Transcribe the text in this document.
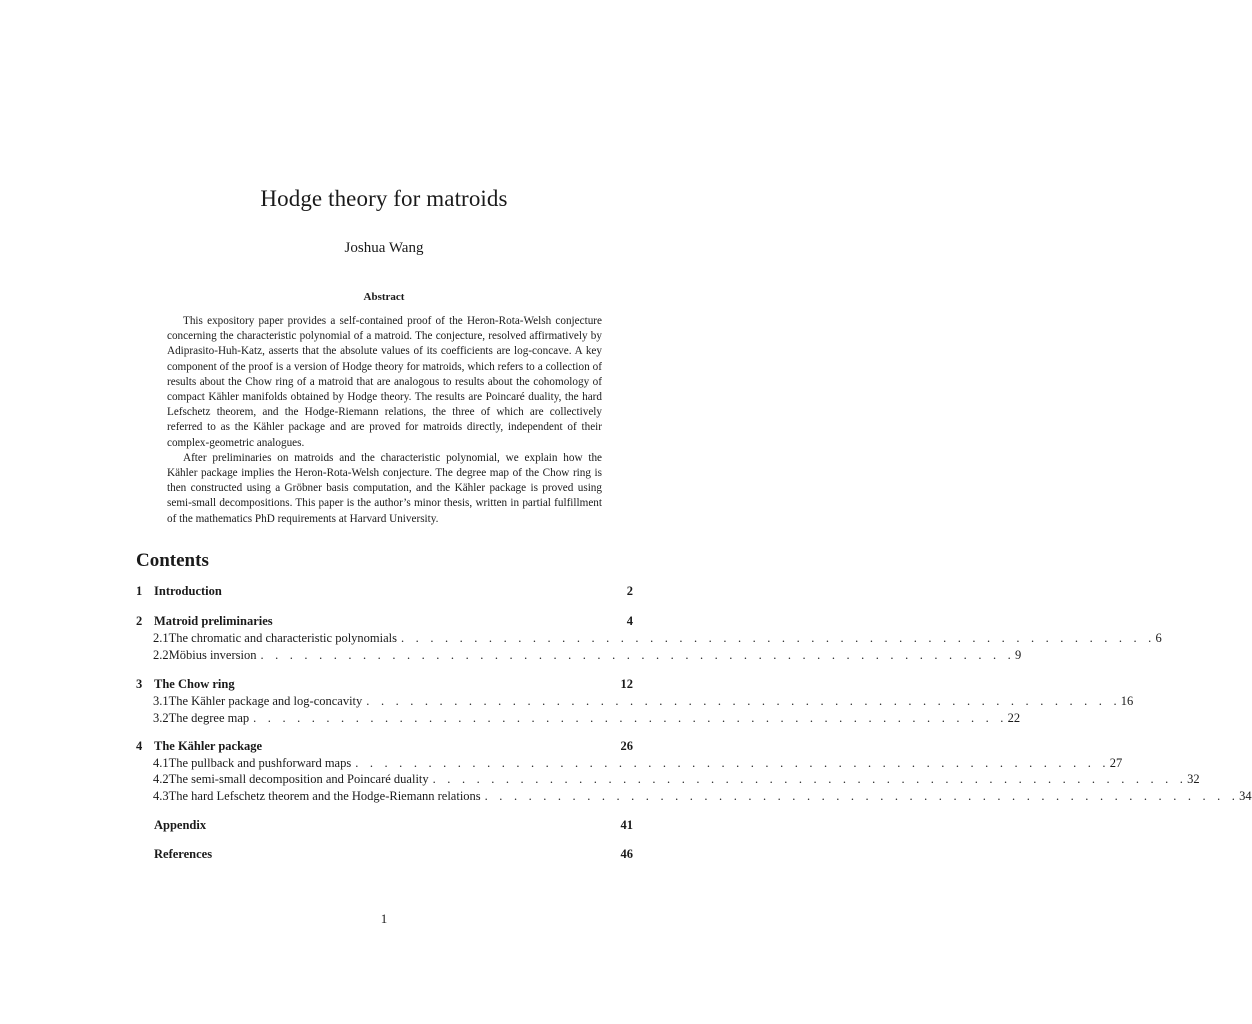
Hodge theory for matroids
Joshua Wang
Abstract

This expository paper provides a self-contained proof of the Heron-Rota-Welsh conjecture concerning the characteristic polynomial of a matroid. The conjecture, resolved affirmatively by Adiprasito-Huh-Katz, asserts that the absolute values of its coefficients are log-concave. A key component of the proof is a version of Hodge theory for matroids, which refers to a collection of results about the Chow ring of a matroid that are analogous to results about the cohomology of compact Kähler manifolds obtained by Hodge theory. The results are Poincaré duality, the hard Lefschetz theorem, and the Hodge-Riemann relations, the three of which are collectively referred to as the Kähler package and are proved for matroids directly, independent of their complex-geometric analogues.

After preliminaries on matroids and the characteristic polynomial, we explain how the Kähler package implies the Heron-Rota-Welsh conjecture. The degree map of the Chow ring is then constructed using a Gröbner basis computation, and the Kähler package is proved using semi-small decompositions. This paper is the author’s minor thesis, written in partial fulfillment of the mathematics PhD requirements at Harvard University.

Contents
1 Introduction	2
2 Matroid preliminaries	4
2.1 The chromatic and characteristic polynomials . . . . . . . . . . . . . . . . . . . . . . . . . . . . . . . . . . . . . . . . . . . . . . . . . . . . 6
2.2 Möbius inversion . . . . . . . . . . . . . . . . . . . . . . . . . . . . . . . . . . . . . . . . . . . . . . . . . . . . 9
3 The Chow ring	12
3.1 The Kähler package and log-concavity . . . . . . . . . . . . . . . . . . . . . . . . . . . . . . . . . . . . . . . . . . . . . . . . . . . . 16
3.2 The degree map . . . . . . . . . . . . . . . . . . . . . . . . . . . . . . . . . . . . . . . . . . . . . . . . . . . . 22
4 The Kähler package	26
4.1 The pullback and pushforward maps . . . . . . . . . . . . . . . . . . . . . . . . . . . . . . . . . . . . . . . . . . . . . . . . . . . . 27
4.2 The semi-small decomposition and Poincaré duality . . . . . . . . . . . . . . . . . . . . . . . . . . . . . . . . . . . . . . . . . . . . . . . . . . . . 32
4.3 The hard Lefschetz theorem and the Hodge-Riemann relations . . . . . . . . . . . . . . . . . . . . . . . . . . . . . . . . . . . . . . . . . . . . . . . . . . . . 34
Appendix	41
References	46
1
